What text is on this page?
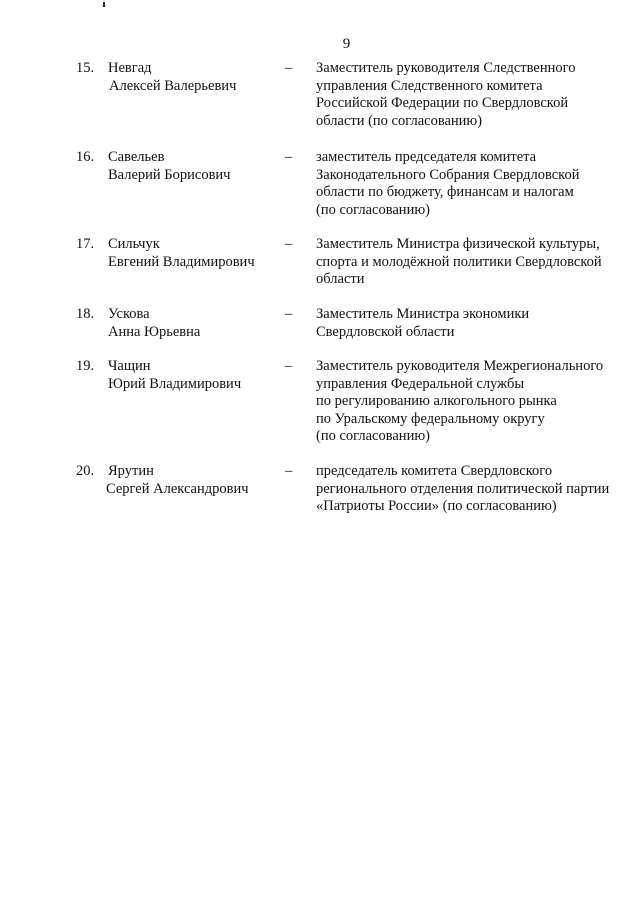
9
15. Невгад
Алексей Валерьевич
–	Заместитель руководителя Следственного
управления Следственного комитета
Российской Федерации по Свердловской
области (по согласованию)
16. Савельев
Валерий Борисович
–	заместитель председателя комитета
Законодательного Собрания Свердловской
области по бюджету, финансам и налогам
(по согласованию)
17. Сильчук
Евгений Владимирович
–	Заместитель Министра физической культуры,
спорта и молодёжной политики Свердловской
области
18. Ускова
Анна Юрьевна
–	Заместитель Министра экономики
Свердловской области
19. Чащин
Юрий Владимирович
–	Заместитель руководителя Межрегионального
управления Федеральной службы
по регулированию алкогольного рынка
по Уральскому федеральному округу
(по согласованию)
20. Ярутин
Сергей Александрович
–	председатель комитета Свердловского
регионального отделения политической партии
«Патриоты России» (по согласованию)
